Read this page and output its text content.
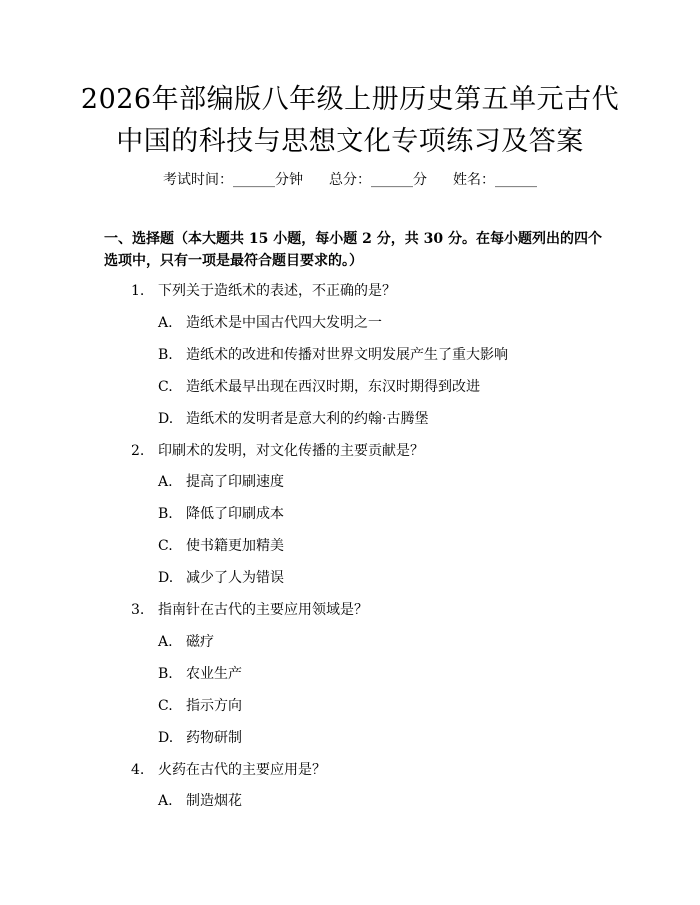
2026年部编版八年级上册历史第五单元古代
中国的科技与思想文化专项练习及答案
考试时间：______分钟 总分：______分 姓名：______
一、选择题（本大题共 15 小题，每小题 2 分，共 30 分。在每小题列出的四个选项中，只有一项是最符合题目要求的。）
1. 下列关于造纸术的表述，不正确的是？
A. 造纸术是中国古代四大发明之一
B. 造纸术的改进和传播对世界文明发展产生了重大影响
C. 造纸术最早出现在西汉时期，东汉时期得到改进
D. 造纸术的发明者是意大利的约翰·古腾堡
2. 印刷术的发明，对文化传播的主要贡献是？
A. 提高了印刷速度
B. 降低了印刷成本
C. 使书籍更加精美
D. 减少了人为错误
3. 指南针在古代的主要应用领域是？
A. 磁疗
B. 农业生产
C. 指示方向
D. 药物研制
4. 火药在古代的主要应用是？
A. 制造烟花
